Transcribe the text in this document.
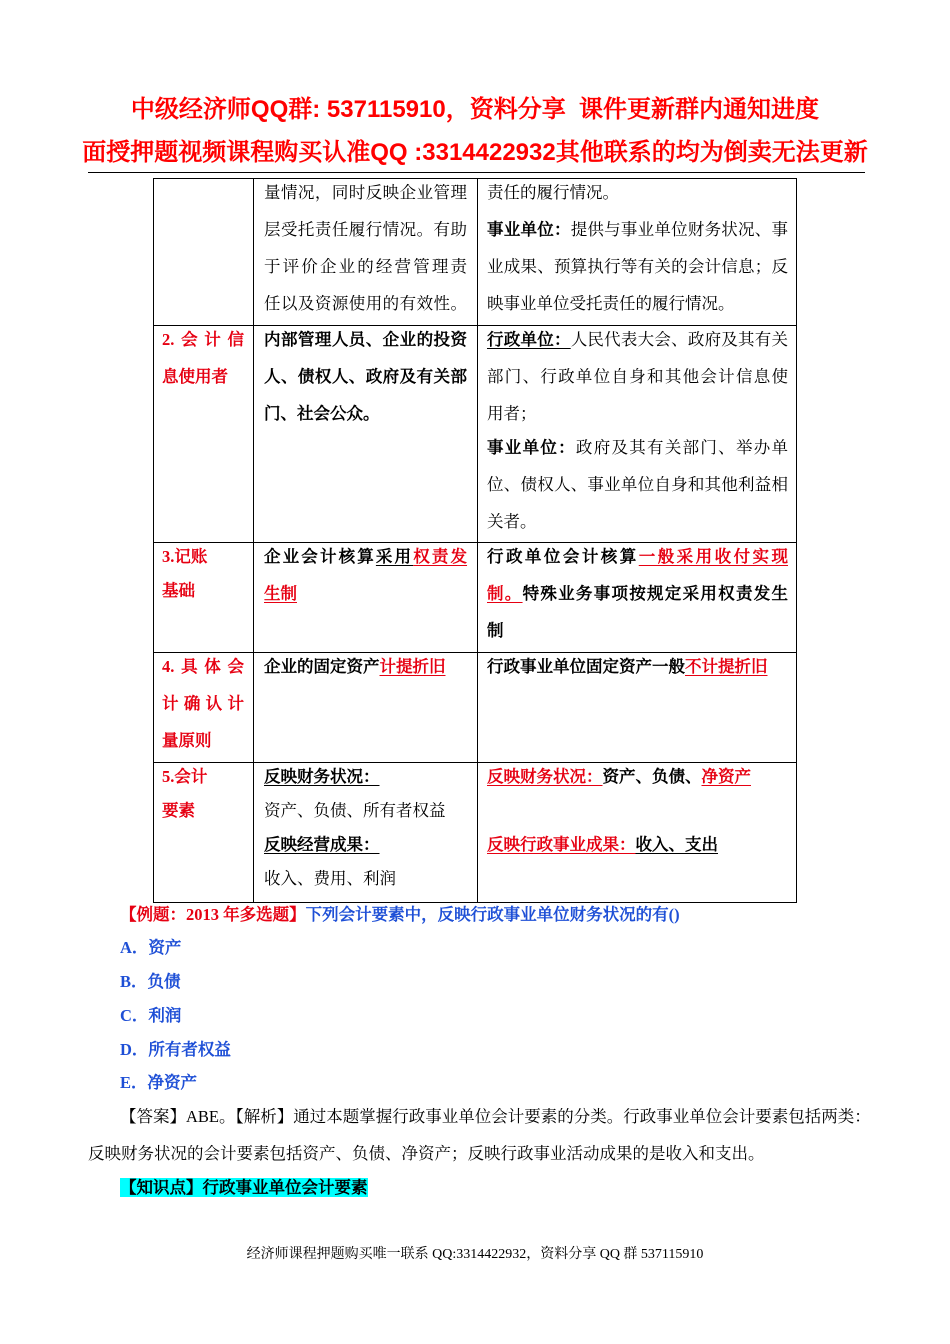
中级经济师QQ群: 537115910，资料分享  课件更新群内通知进度
面授押题视频课程购买认准QQ :3314422932其他联系的均为倒卖无法更新
量情况，同时反映企业管理
层受托责任履行情况。有助
于评价企业的经营管理责
任以及资源使用的有效性。
责任的履行情况。
事业单位：提供与事业单位财务状况、事
业成果、预算执行等有关的会计信息；反
映事业单位受托责任的履行情况。
2.会计信
息使用者
内部管理人员、企业的投资
人、债权人、政府及有关部
门、社会公众。
行政单位：人民代表大会、政府及其有关
部门、行政单位自身和其他会计信息使
用者；
事业单位：政府及其有关部门、举办单
位、债权人、事业单位自身和其他利益相
关者。
3.记账
基础
企业会计核算采用权责发
生制
行政单位会计核算一般采用收付实现
制。特殊业务事项按规定采用权责发生
制
4.具体会
计确认计
量原则
企业的固定资产计提折旧	行政事业单位固定资产一般不计提折旧
5.会计
要素
反映财务状况：
资产、负债、所有者权益
反映经营成果：
收入、费用、利润
反映财务状况：资产、负债、净资产
反映行政事业成果：收入、支出
【例题：2013 年多选题】下列会计要素中，反映行政事业单位财务状况的有()
A．资产
B．负债
C．利润
D．所有者权益
E．净资产
【答案】ABE。【解析】通过本题掌握行政事业单位会计要素的分类。行政事业单位会计要素包括两类：
反映财务状况的会计要素包括资产、负债、净资产；反映行政事业活动成果的是收入和支出。
【知识点】行政事业单位会计要素
经济师课程押题购买唯一联系 QQ:3314422932，资料分享 QQ 群 537115910
